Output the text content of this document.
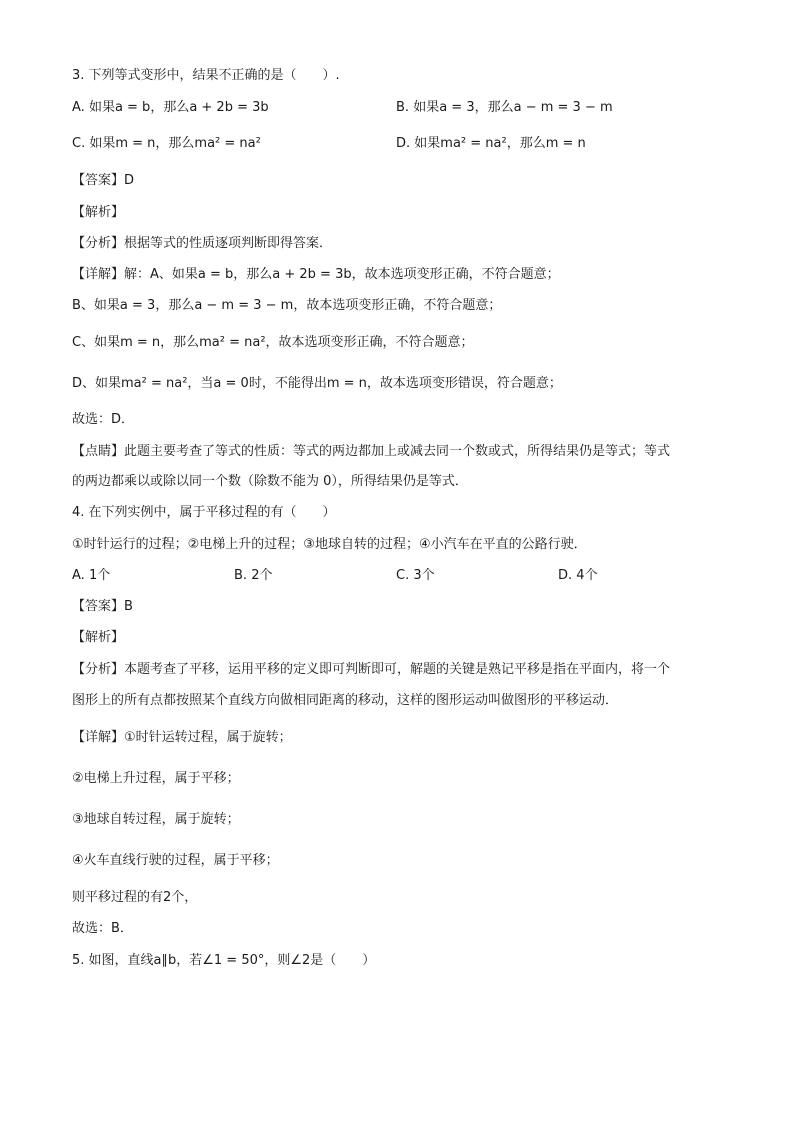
3. 下列等式变形中，结果不正确的是（　　）.
A. 如果a = b，那么a + 2b = 3b	B. 如果a = 3，那么a − m = 3 − m
C. 如果m = n，那么ma² = na²	D. 如果ma² = na²，那么m = n
【答案】D
【解析】
【分析】根据等式的性质逐项判断即得答案．
【详解】解：A、如果a = b，那么a + 2b = 3b，故本选项变形正确，不符合题意；
B、如果a = 3，那么a − m = 3 − m，故本选项变形正确，不符合题意；
C、如果m = n，那么ma² = na²，故本选项变形正确，不符合题意；
D、如果ma² = na²，当a = 0时，不能得出m = n，故本选项变形错误，符合题意；
故选：D．
【点睛】此题主要考查了等式的性质：等式的两边都加上或减去同一个数或式，所得结果仍是等式；等式
的两边都乘以或除以同一个数（除数不能为 0），所得结果仍是等式．
4. 在下列实例中，属于平移过程的有（　　）
①时针运行的过程；②电梯上升的过程；③地球自转的过程；④小汽车在平直的公路行驶．
A. 1个	B. 2个	C. 3个	D. 4个
【答案】B
【解析】
【分析】本题考查了平移，运用平移的定义即可判断即可，解题的关键是熟记平移是指在平面内，将一个
图形上的所有点都按照某个直线方向做相同距离的移动，这样的图形运动叫做图形的平移运动．
【详解】①时针运转过程，属于旋转；
②电梯上升过程，属于平移；
③地球自转过程，属于旋转；
④火车直线行驶的过程，属于平移；
则平移过程的有2个，
故选：B．
5. 如图，直线a∥b，若∠1 = 50°，则∠2是（　　）
